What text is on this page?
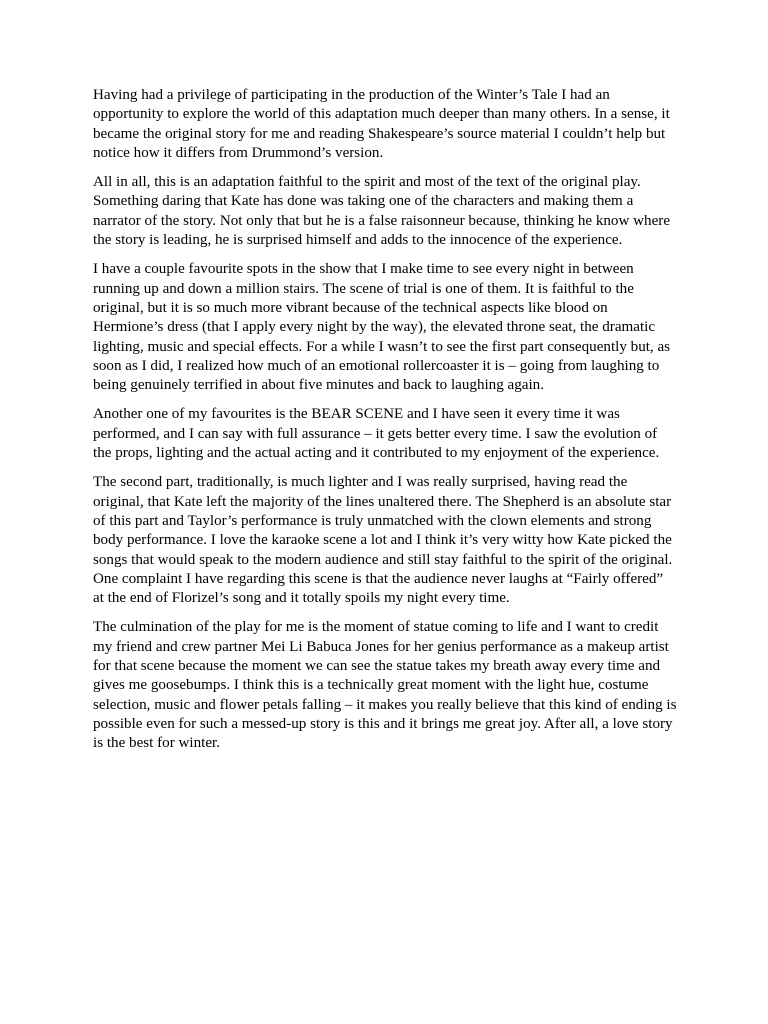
Having had a privilege of participating in the production of the Winter’s Tale I had an opportunity to explore the world of this adaptation much deeper than many others. In a sense, it became the original story for me and reading Shakespeare’s source material I couldn’t help but notice how it differs from Drummond’s version.

All in all, this is an adaptation faithful to the spirit and most of the text of the original play. Something daring that Kate has done was taking one of the characters and making them a narrator of the story. Not only that but he is a false raisonneur because, thinking he know where the story is leading, he is surprised himself and adds to the innocence of the experience.

I have a couple favourite spots in the show that I make time to see every night in between running up and down a million stairs. The scene of trial is one of them. It is faithful to the original, but it is so much more vibrant because of the technical aspects like blood on Hermione’s dress (that I apply every night by the way), the elevated throne seat, the dramatic lighting, music and special effects. For a while I wasn’t to see the first part consequently but, as soon as I did, I realized how much of an emotional rollercoaster it is – going from laughing to being genuinely terrified in about five minutes and back to laughing again.

Another one of my favourites is the BEAR SCENE and I have seen it every time it was performed, and I can say with full assurance – it gets better every time. I saw the evolution of the props, lighting and the actual acting and it contributed to my enjoyment of the experience.

The second part, traditionally, is much lighter and I was really surprised, having read the original, that Kate left the majority of the lines unaltered there. The Shepherd is an absolute star of this part and Taylor’s performance is truly unmatched with the clown elements and strong body performance. I love the karaoke scene a lot and I think it’s very witty how Kate picked the songs that would speak to the modern audience and still stay faithful to the spirit of the original. One complaint I have regarding this scene is that the audience never laughs at “Fairly offered” at the end of Florizel’s song and it totally spoils my night every time.

The culmination of the play for me is the moment of statue coming to life and I want to credit my friend and crew partner Mei Li Babuca Jones for her genius performance as a makeup artist for that scene because the moment we can see the statue takes my breath away every time and gives me goosebumps. I think this is a technically great moment with the light hue, costume selection, music and flower petals falling – it makes you really believe that this kind of ending is possible even for such a messed-up story is this and it brings me great joy. After all, a love story is the best for winter.
